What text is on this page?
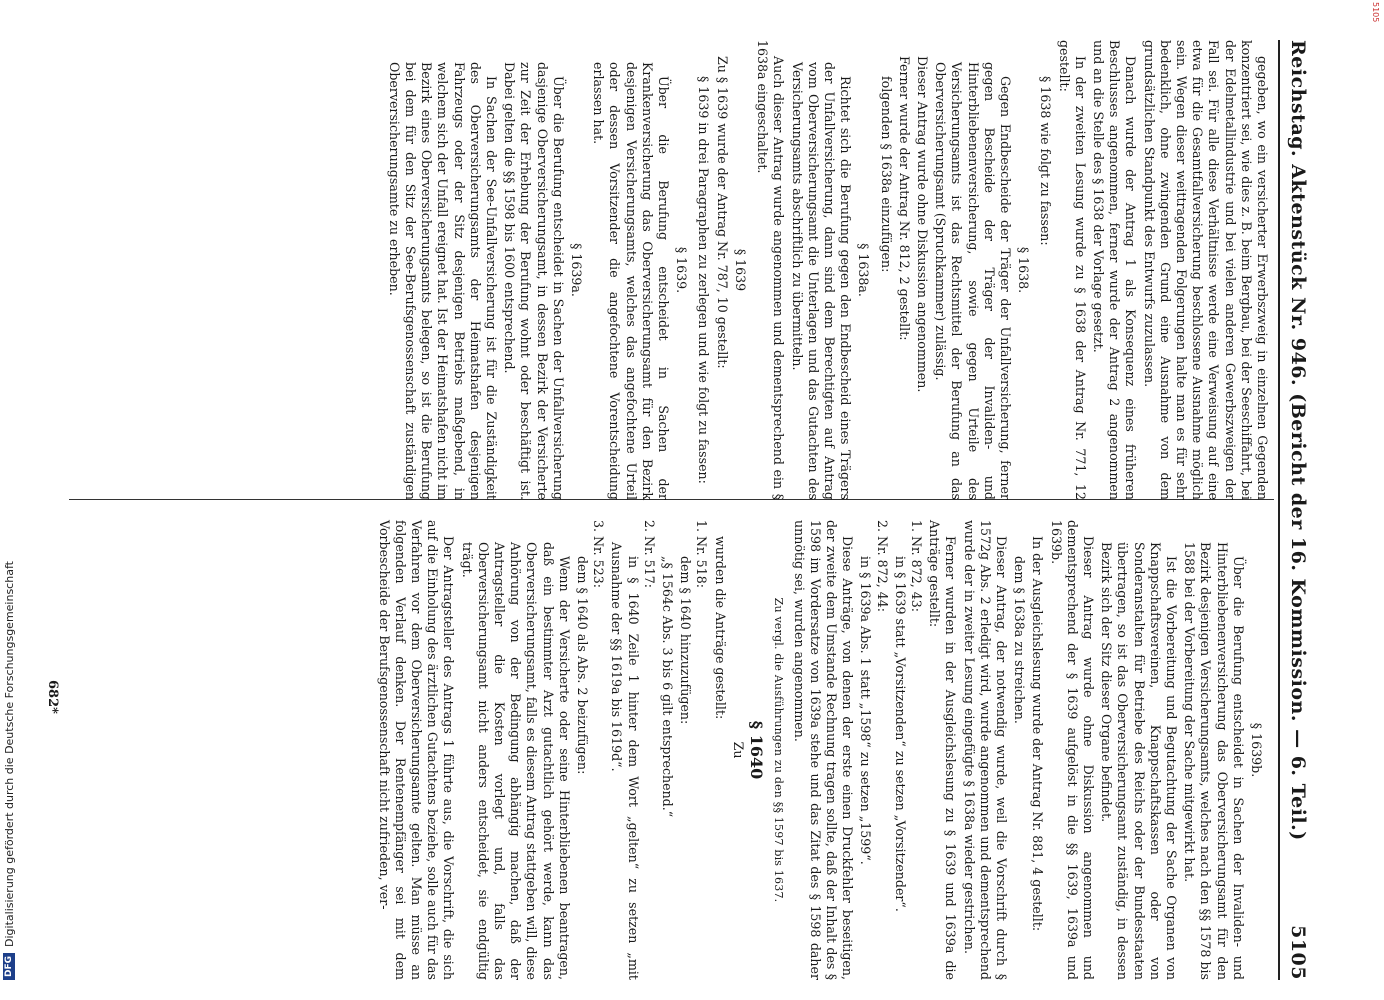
Reichstag. Aktenstück Nr. 946. (Bericht der 16. Kommission. — 6. Teil.)
5105
gegeben, wo ein versicherter Erwerbszweig in einzelnen Gegenden konzentriert sei, wie dies z. B. beim Bergbau, bei der Seeschiffahrt, bei der Edelmetallindustrie und bei vielen anderen Gewerbszweigen der Fall sei. Für alle diese Verhältnisse werde eine Verweisung auf eine etwa für die Gesamtfallversicherung beschlossene Ausnahme möglich sein. Wegen dieser weittragenden Folgerungen halte man es für sehr bedenklich, ohne zwingenden Grund eine Ausnahme von dem grundsätzlichen Standpunkt des Entwurfs zuzulassen.
Danach wurde der Antrag 1 als Konsequenz eines früheren Beschlusses angenommen, ferner wurde der Antrag 2 angenommen und an die Stelle des § 1638 der Vorlage gesetzt.
In der zweiten Lesung wurde zu § 1638 der Antrag Nr. 771, 12 gestellt:
§ 1638 wie folgt zu fassen:
§ 1638.
Gegen Endbescheide der Träger der Unfallversicherung, ferner gegen Bescheide der Träger der Invaliden- und Hinterbliebenenversicherung, sowie gegen Urteile des Versicherungsamts ist das Rechtsmittel der Berufung an das Oberversicherungsamt (Spruchkammer) zulässig.
Dieser Antrag wurde ohne Diskussion angenommen.
Ferner wurde der Antrag Nr. 812, 2 gestellt:
folgenden § 1638a einzufügen:
§ 1638a.
Richtet sich die Berufung gegen den Endbescheid eines Trägers der Unfallversicherung, dann sind dem Berechtigten auf Antrag vom Oberversicherungsamt die Unterlagen und das Gutachten des Versicherungsamts abschriftlich zu übermitteln.
Auch dieser Antrag wurde angenommen und dementsprechend ein § 1638a eingeschaltet.
§ 1639
Zu § 1639 wurde der Antrag Nr. 787, 10 gestellt:
§ 1639 in drei Paragraphen zu zerlegen und wie folgt zu fassen:
§ 1639.
Über die Berufung entscheidet in Sachen der Krankenversicherung das Oberversicherungsamt für den Bezirk desjenigen Versicherungsamts, welches das angefochtene Urteil oder dessen Vorsitzender die angefochtene Vorentscheidung erlassen hat.
§ 1639a.
Über die Berufung entscheidet in Sachen der Unfallversicherung dasjenige Oberversicherungsamt, in dessen Bezirk der Versicherte zur Zeit der Erhebung der Berufung wohnt oder beschäftigt ist. Dabei gelten die §§ 1598 bis 1600 entsprechend.
In Sachen der See-Unfallversicherung ist für die Zuständigkeit des Oberversicherungsamts der Heimatshafen desjenigen Fahrzeugs oder der Sitz desjenigen Betriebs maßgebend, in welchem sich der Unfall ereignet hat. Ist der Heimatshafen nicht im Bezirk eines Oberversicherungsamts belegen, so ist die Berufung bei dem für den Sitz der See-Berufsgenossenschaft zuständigen Oberversicherungsamte zu erheben.
§ 1639b.
Über die Berufung entscheidet in Sachen der Invaliden- und Hinterbliebenenversicherung das Oberversicherungsamt für den Bezirk desjenigen Versicherungsamts, welches nach den §§ 1578 bis 1588 bei der Vorbereitung der Sache mitgewirkt hat.
Ist die Vorbereitung und Begutachtung der Sache Organen von Knappschaftsvereinen, Knappschaftskassen oder von Sonderanstalten für Betriebe des Reichs oder der Bundesstaaten übertragen, so ist das Oberversicherungsamt zuständig, in dessen Bezirk sich der Sitz dieser Organe befindet.
Dieser Antrag wurde ohne Diskussion angenommen und dementsprechend der § 1639 aufgelöst in die §§ 1639, 1639a und 1639b.
In der Ausgleichslesung wurde der Antrag Nr. 881, 4 gestellt:
dem § 1638a zu streichen.
Dieser Antrag, der notwendig wurde, weil die Vorschrift durch § 1572g Abs. 2 erledigt wird, wurde angenommen und dementsprechend wurde der in zweiter Lesung eingefügte § 1638a wieder gestrichen.
Ferner wurden in der Ausgleichslesung zu § 1639 und 1639a die Anträge gestellt:
1. Nr. 872, 43:
in § 1639 statt „Vorsitzenden“ zu setzen „Vorsitzender“.
2. Nr. 872, 44:
in § 1639a Abs. 1 statt „1598“ zu setzen „1599“.
Diese Anträge, von denen der erste einen Druckfehler beseitigen, der zweite dem Umstande Rechnung tragen sollte, daß der Inhalt des § 1598 im Vordersatze von 1639a stehe und das Zitat des § 1598 daher unnötig sei, wurden angenommen.
Zu vergl. die Ausführungen zu den §§ 1597 bis 1637.
§ 1640
Zu
wurden die Anträge gestellt:
1. Nr. 518:
dem § 1640 hinzuzufügen:
„§ 1564c Abs. 3 bis 6 gilt entsprechend.“
2. Nr. 517:
in § 1640 Zeile 1 hinter dem Wort „gelten“ zu setzen „mit Ausnahme der §§ 1619a bis 1619d“.
3. Nr. 523:
dem § 1640 als Abs. 2 beizufügen:
Wenn der Versicherte oder seine Hinterbliebenen beantragen, daß ein bestimmter Arzt gutachtlich gehört werde, kann das Oberversicherungsamt, falls es diesem Antrag stattgeben will, diese Anhörung von der Bedingung abhängig machen, daß der Antragsteller die Kosten vorlegt und, falls das Oberversicherungsamt nicht anders entscheidet, sie endgültig trägt.
Der Antragsteller des Antrags 1 führte aus, die Vorschrift, die sich auf die Einholung des ärztlichen Gutachtens beziehe, solle auch für das Verfahren vor dem Oberversicherungsamte gelten. Man müsse an folgenden Verlauf denken. Der Rentenempfänger sei mit dem Vorbescheide der Berufsgenossenschaft nicht zufrieden, ver-
682*
DFG
Digitalisierung gefördert durch die Deutsche Forschungsgemeinschaft
5105
